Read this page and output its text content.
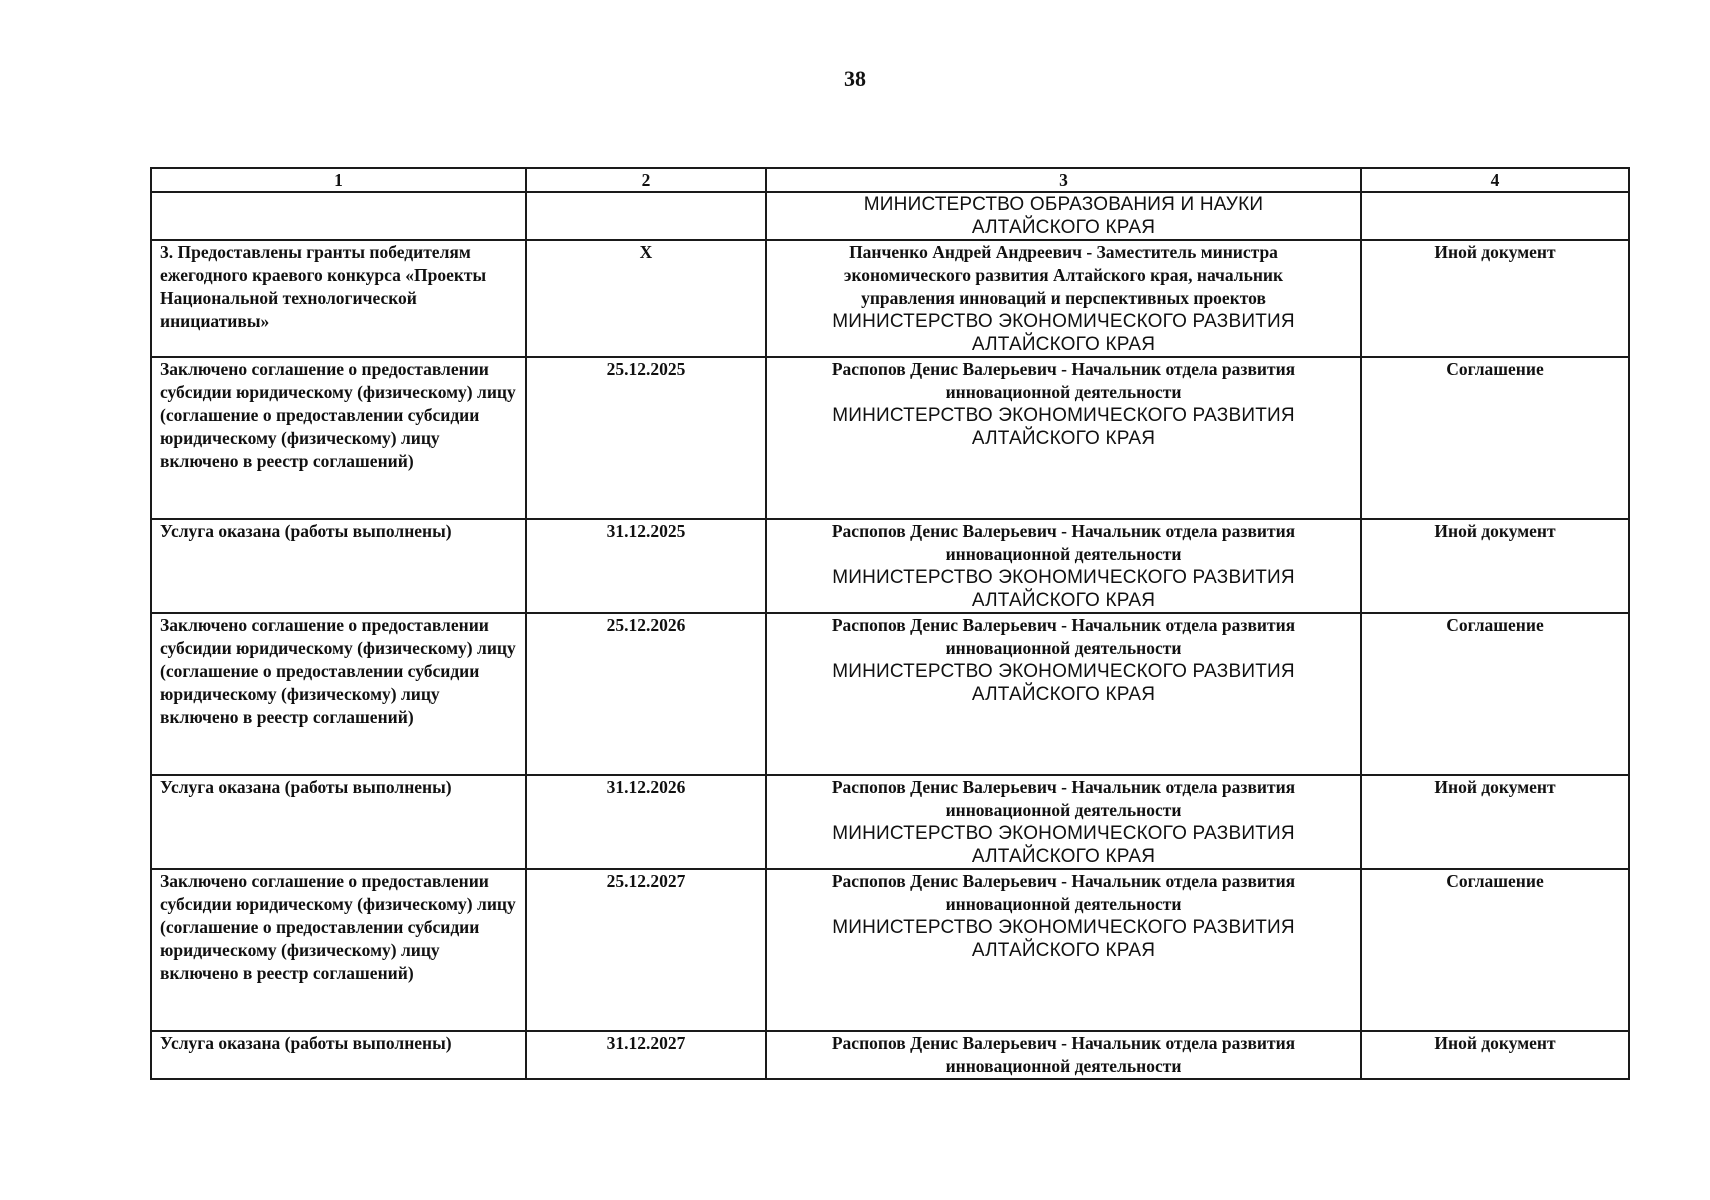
38
1	2	3	4

		МИНИСТЕРСТВО ОБРАЗОВАНИЯ И НАУКИ АЛТАЙСКОГО КРАЯ	

3. Предоставлены гранты победителям ежегодного краевого конкурса «Проекты Национальной технологической инициативы»	X	Панченко Андрей Андреевич - Заместитель министра экономического развития Алтайского края, начальник управления инноваций и перспективных проектов
МИНИСТЕРСТВО ЭКОНОМИЧЕСКОГО РАЗВИТИЯ АЛТАЙСКОГО КРАЯ	Иной документ
Заключено соглашение о предоставлении субсидии юридическому (физическому) лицу (соглашение о предоставлении субсидии юридическому (физическому) лицу включено в реестр соглашений)	25.12.2025	Распопов Денис Валерьевич - Начальник отдела развития инновационной деятельности
МИНИСТЕРСТВО ЭКОНОМИЧЕСКОГО РАЗВИТИЯ АЛТАЙСКОГО КРАЯ	Соглашение
Услуга оказана (работы выполнены)	31.12.2025	Распопов Денис Валерьевич - Начальник отдела развития инновационной деятельности
МИНИСТЕРСТВО ЭКОНОМИЧЕСКОГО РАЗВИТИЯ АЛТАЙСКОГО КРАЯ	Иной документ
Заключено соглашение о предоставлении субсидии юридическому (физическому) лицу (соглашение о предоставлении субсидии юридическому (физическому) лицу включено в реестр соглашений)	25.12.2026	Распопов Денис Валерьевич - Начальник отдела развития инновационной деятельности
МИНИСТЕРСТВО ЭКОНОМИЧЕСКОГО РАЗВИТИЯ АЛТАЙСКОГО КРАЯ	Соглашение
Услуга оказана (работы выполнены)	31.12.2026	Распопов Денис Валерьевич - Начальник отдела развития инновационной деятельности
МИНИСТЕРСТВО ЭКОНОМИЧЕСКОГО РАЗВИТИЯ АЛТАЙСКОГО КРАЯ	Иной документ
Заключено соглашение о предоставлении субсидии юридическому (физическому) лицу (соглашение о предоставлении субсидии юридическому (физическому) лицу включено в реестр соглашений)	25.12.2027	Распопов Денис Валерьевич - Начальник отдела развития инновационной деятельности
МИНИСТЕРСТВО ЭКОНОМИЧЕСКОГО РАЗВИТИЯ АЛТАЙСКОГО КРАЯ	Соглашение
Услуга оказана (работы выполнены)	31.12.2027	Распопов Денис Валерьевич - Начальник отдела развития инновационной деятельности	Иной документ
